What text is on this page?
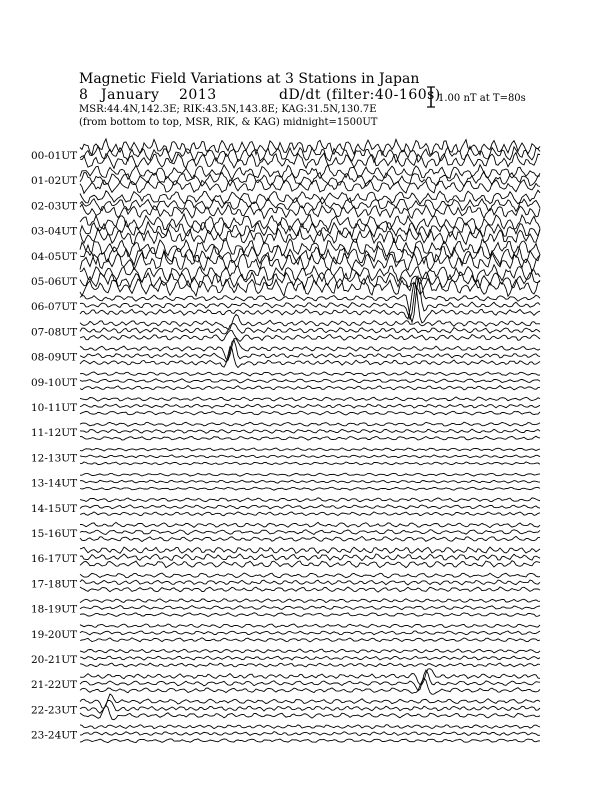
Magnetic Field Variations at 3 Stations in Japan
8 January 2013	dD/dt (filter:40-160s)
MSR:44.4N,142.3E; RIK:43.5N,143.8E; KAG:31.5N,130.7E
(from bottom to top, MSR, RIK, & KAG) midnight=1500UT
1.00 nT at T=80s
00-01UT
01-02UT
02-03UT
03-04UT
04-05UT
05-06UT
06-07UT
07-08UT
08-09UT
09-10UT
10-11UT
11-12UT
12-13UT
13-14UT
14-15UT
15-16UT
16-17UT
17-18UT
18-19UT
19-20UT
20-21UT
21-22UT
22-23UT
23-24UT
